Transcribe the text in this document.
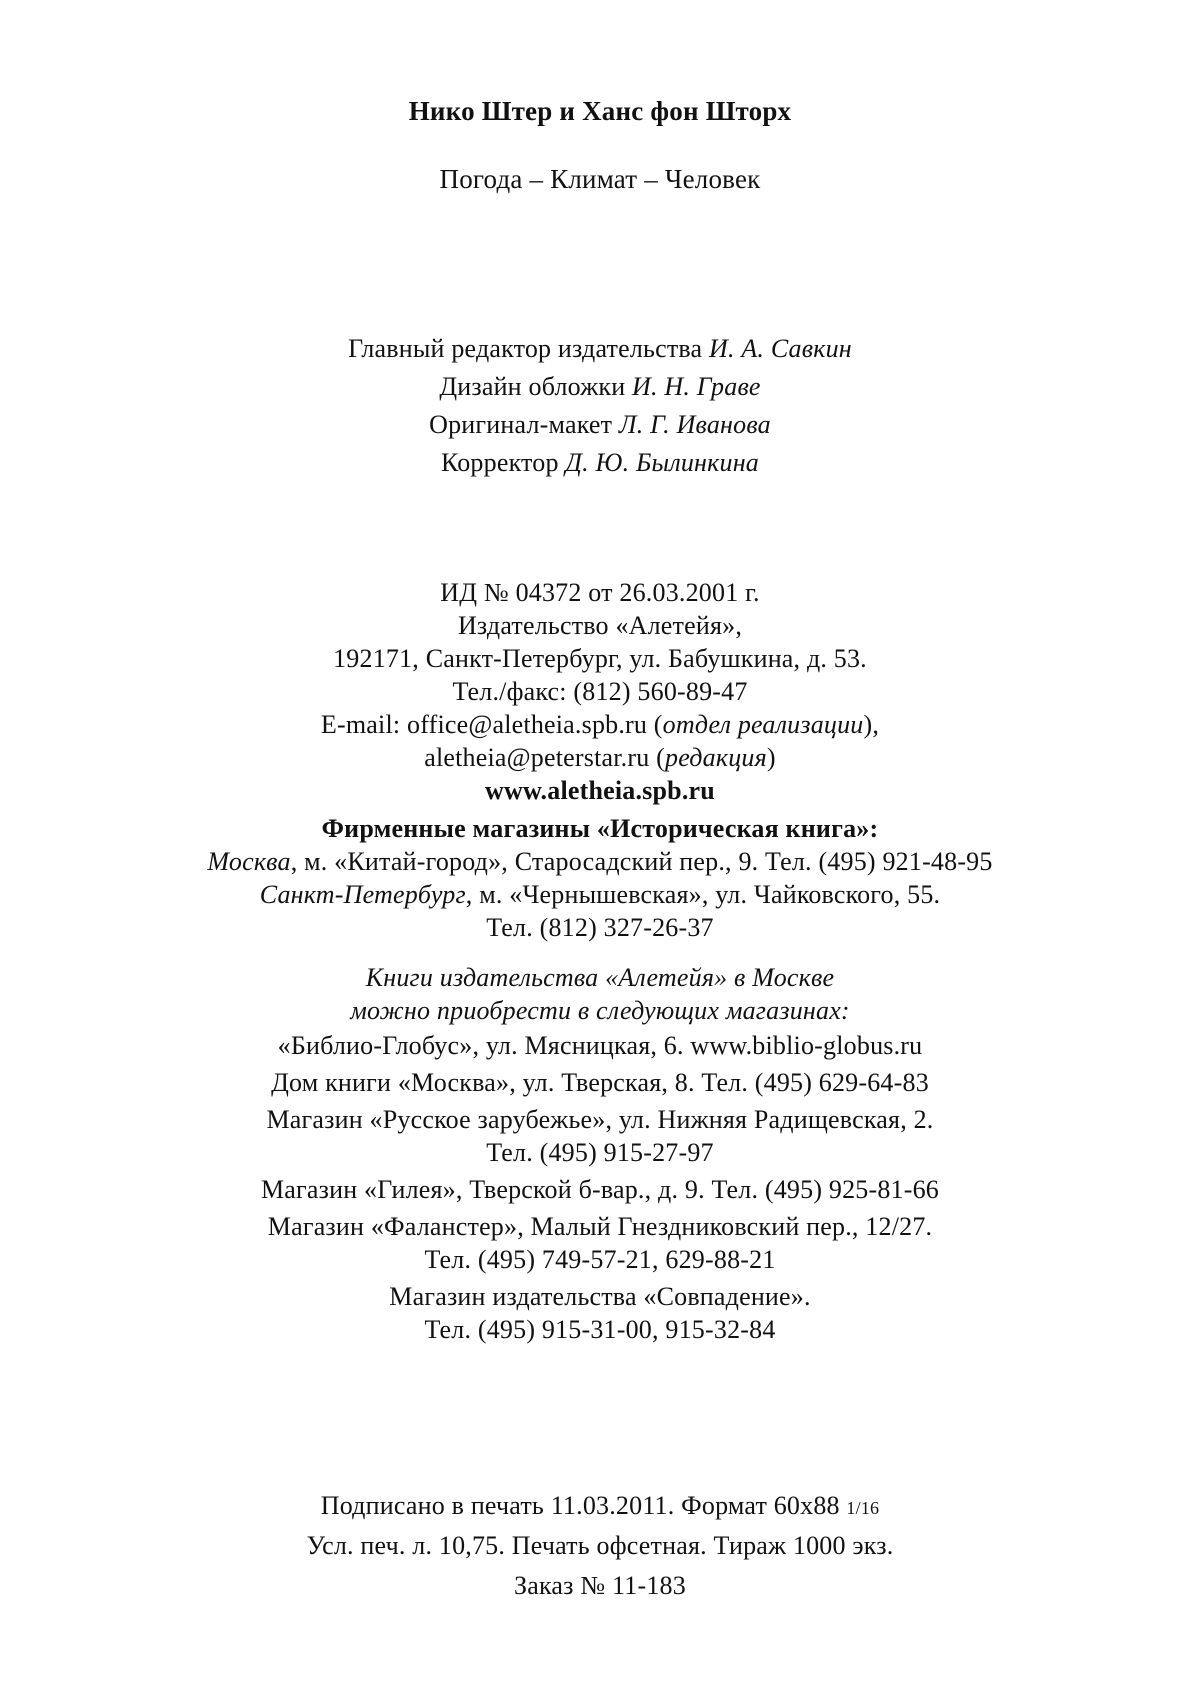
Нико Штер и Ханс фон Шторх
Погода – Климат – Человек
Главный редактор издательства И. А. Савкин
Дизайн обложки И. Н. Граве
Оригинал-макет Л. Г. Иванова
Корректор Д. Ю. Былинкина
ИД № 04372 от 26.03.2001 г.
Издательство «Алетейя»,
192171, Санкт-Петербург, ул. Бабушкина, д. 53.
Тел./факс: (812) 560-89-47
E-mail: office@aletheia.spb.ru (отдел реализации),
aletheia@peterstar.ru (редакция)
www.aletheia.spb.ru
Фирменные магазины «Историческая книга»:
Москва, м. «Китай-город», Старосадский пер., 9. Тел. (495) 921-48-95
Санкт-Петербург, м. «Чернышевская», ул. Чайковского, 55.
Тел. (812) 327-26-37
Книги издательства «Алетейя» в Москве
можно приобрести в следующих магазинах:
«Библио-Глобус», ул. Мясницкая, 6. www.biblio-globus.ru
Дом книги «Москва», ул. Тверская, 8. Тел. (495) 629-64-83
Магазин «Русское зарубежье», ул. Нижняя Радищевская, 2.
Тел. (495) 915-27-97
Магазин «Гилея», Тверской б-вар., д. 9. Тел. (495) 925-81-66
Магазин «Фаланстер», Малый Гнездниковский пер., 12/27.
Тел. (495) 749-57-21, 629-88-21
Магазин издательства «Совпадение».
Тел. (495) 915-31-00, 915-32-84
Подписано в печать 11.03.2011. Формат 60x88 1/16
Усл. печ. л. 10,75. Печать офсетная. Тираж 1000 экз.
Заказ № 11-183
